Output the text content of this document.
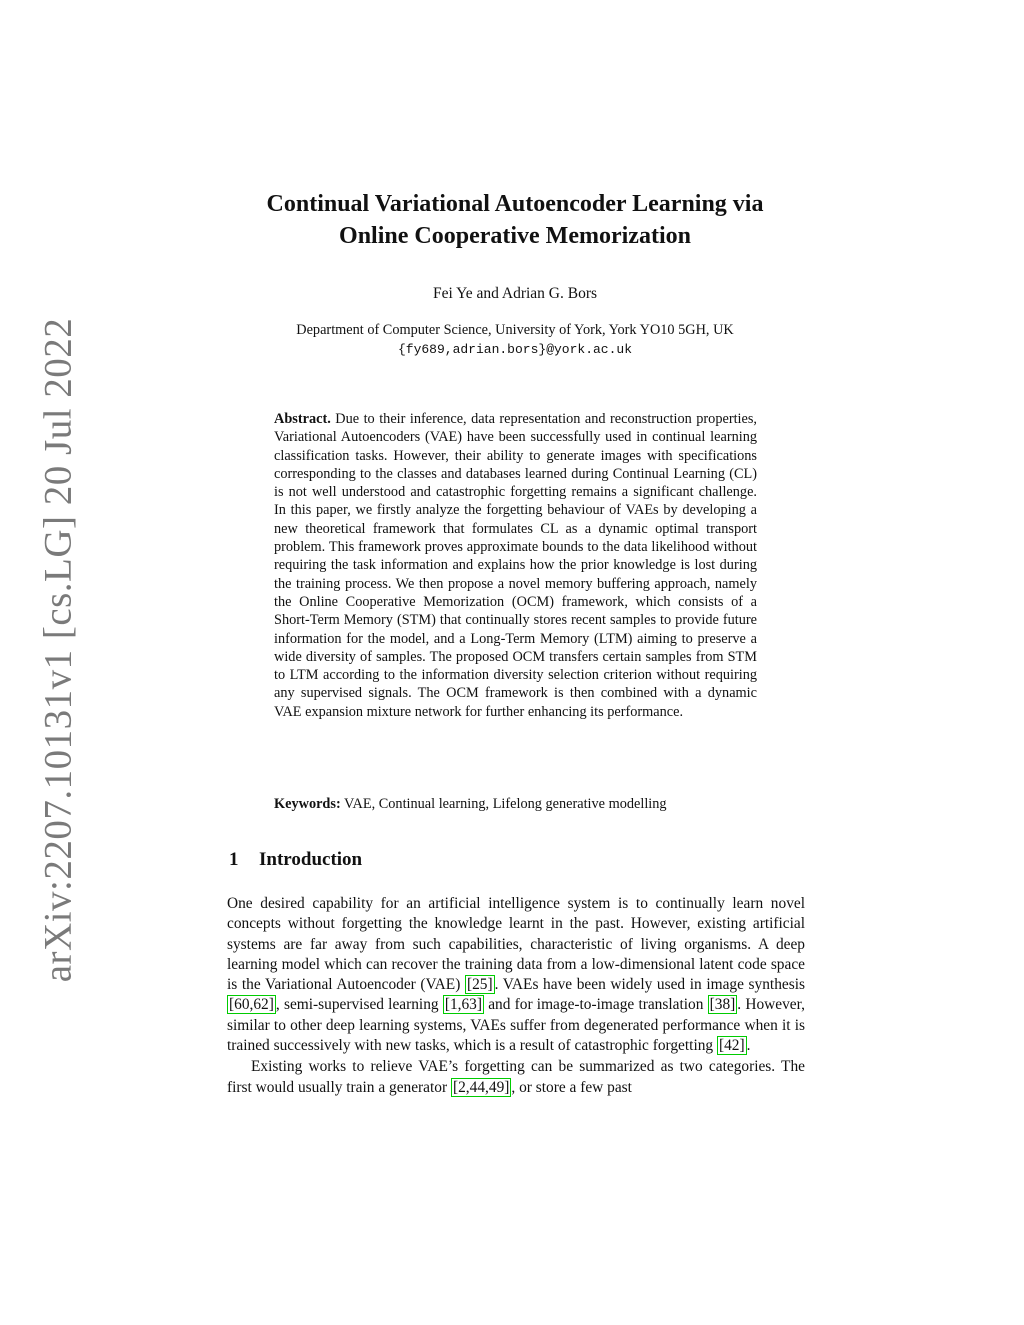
arXiv:2207.10131v1 [cs.LG] 20 Jul 2022
Continual Variational Autoencoder Learning via
Online Cooperative Memorization
Fei Ye and Adrian G. Bors
Department of Computer Science, University of York, York YO10 5GH, UK
{fy689,adrian.bors}@york.ac.uk
Abstract. Due to their inference, data representation and reconstruction properties, Variational Autoencoders (VAE) have been successfully used in continual learning classification tasks. However, their ability to generate images with specifications corresponding to the classes and databases learned during Continual Learning (CL) is not well understood and catastrophic forgetting remains a significant challenge. In this paper, we firstly analyze the forgetting behaviour of VAEs by developing a new theoretical framework that formulates CL as a dynamic optimal transport problem. This framework proves approximate bounds to the data likelihood without requiring the task information and explains how the prior knowledge is lost during the training process. We then propose a novel memory buffering approach, namely the Online Cooperative Memorization (OCM) framework, which consists of a Short-Term Memory (STM) that continually stores recent samples to provide future information for the model, and a Long-Term Memory (LTM) aiming to preserve a wide diversity of samples. The proposed OCM transfers certain samples from STM to LTM according to the information diversity selection criterion without requiring any supervised signals. The OCM framework is then combined with a dynamic VAE expansion mixture network for further enhancing its performance.
Keywords: VAE, Continual learning, Lifelong generative modelling
1 Introduction

One desired capability for an artificial intelligence system is to continually learn novel concepts without forgetting the knowledge learnt in the past. However, existing artificial systems are far away from such capabilities, characteristic of living organisms. A deep learning model which can recover the training data from a low-dimensional latent code space is the Variational Autoencoder (VAE) [25] . VAEs have been widely used in image synthesis [60,62] , semi-supervised learning [1,63] and for image-to-image translation [38] . However, similar to other deep learning systems, VAEs suffer from degenerated performance when it is trained successively with new tasks, which is a result of catastrophic forgetting [42] .

Existing works to relieve VAE’s forgetting can be summarized as two categories. The first would usually train a generator [2,44,49] , or store a few past
